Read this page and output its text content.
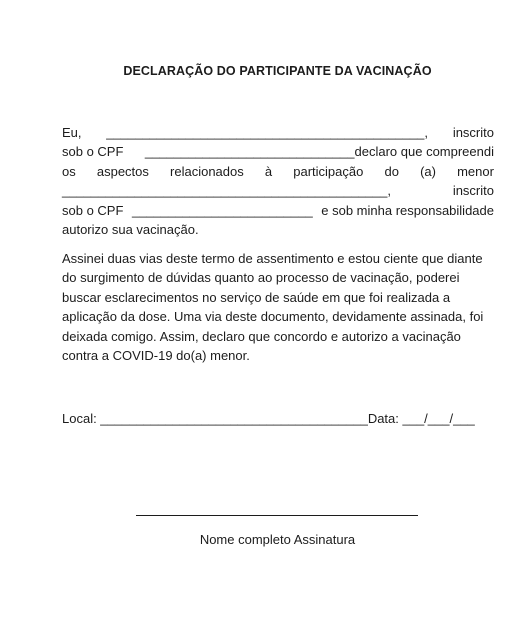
DECLARAÇÃO DO PARTICIPANTE DA VACINAÇÃO
Eu, ____________________________________________, inscrito
sob o CPF _____________________________declaro que compreendi
os aspectos relacionados à participação do (a) menor
_____________________________________________,	inscrito
sob o CPF _________________________ e sob minha responsabilidade
autorizo sua vacinação.
Assinei duas vias deste termo de assentimento e estou ciente que diante
do surgimento de dúvidas quanto ao processo de vacinação, poderei
buscar esclarecimentos no serviço de saúde em que foi realizada a
aplicação da dose. Uma via deste documento, devidamente assinada, foi
deixada comigo. Assim, declaro que concordo e autorizo a vacinação
contra a COVID-19 do(a) menor.
Local: _____________________________________ Data: ___/___/___
Nome completo Assinatura
